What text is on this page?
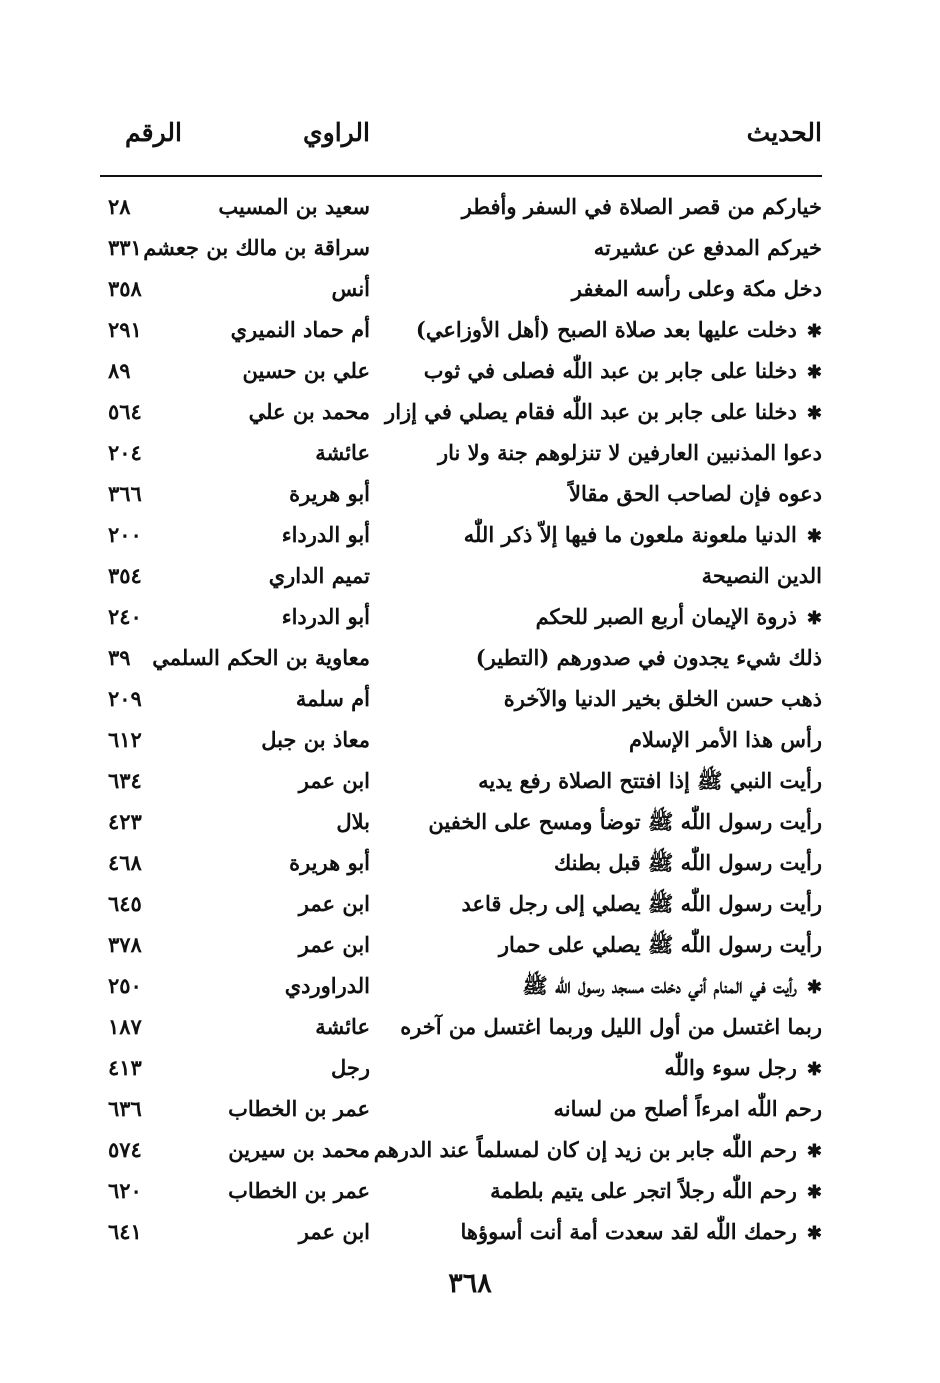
الحديث
الراوي
الرقم
خياركم من قصر الصلاة في السفر وأفطر
سعيد بن المسيب
٢٨
خيركم المدفع عن عشيرته
سراقة بن مالك بن جعشم
٣٣١
دخل مكة وعلى رأسه المغفر
أنس
٣٥٨
✱دخلت عليها بعد صلاة الصبح (أهل الأوزاعي)
أم حماد النميري
٢٩١
✱دخلنا على جابر بن عبد اللّٰه فصلى في ثوب
علي بن حسين
٨٩
✱دخلنا على جابر بن عبد اللّٰه فقام يصلي في إزار
محمد بن علي
٥٦٤
دعوا المذنبين العارفين لا تنزلوهم جنة ولا نار
عائشة
٢٠٤
دعوه فإن لصاحب الحق مقالاً
أبو هريرة
٣٦٦
✱الدنيا ملعونة ملعون ما فيها إلاّ ذكر اللّٰه
أبو الدرداء
٢٠٠
الدين النصيحة
تميم الداري
٣٥٤
✱ذروة الإيمان أربع الصبر للحكم
أبو الدرداء
٢٤٠
ذلك شيء يجدون في صدورهم (التطير)
معاوية بن الحكم السلمي
٣٩
ذهب حسن الخلق بخير الدنيا والآخرة
أم سلمة
٢٠٩
رأس هذا الأمر الإسلام
معاذ بن جبل
٦١٢
رأيت النبي ﷺ إذا افتتح الصلاة رفع يديه
ابن عمر
٦٣٤
رأيت رسول اللّٰه ﷺ توضأ ومسح على الخفين
بلال
٤٢٣
رأيت رسول اللّٰه ﷺ قبل بطنك
أبو هريرة
٤٦٨
رأيت رسول اللّٰه ﷺ يصلي إلى رجل قاعد
ابن عمر
٦٤٥
رأيت رسول اللّٰه ﷺ يصلي على حمار
ابن عمر
٣٧٨
✱رأيت في المنام أني دخلت مسجد رسول اللّٰه ﷺ
الدراوردي
٢٥٠
ربما اغتسل من أول الليل وربما اغتسل من آخره
عائشة
١٨٧
✱رجل سوء واللّٰه
رجل
٤١٣
رحم اللّٰه امرءاً أصلح من لسانه
عمر بن الخطاب
٦٣٦
✱رحم اللّٰه جابر بن زيد إن كان لمسلماً عند الدرهم
محمد بن سيرين
٥٧٤
✱رحم اللّٰه رجلاً اتجر على يتيم بلطمة
عمر بن الخطاب
٦٢٠
✱رحمك اللّٰه لقد سعدت أمة أنت أسوؤها
ابن عمر
٦٤١
٣٦٨
